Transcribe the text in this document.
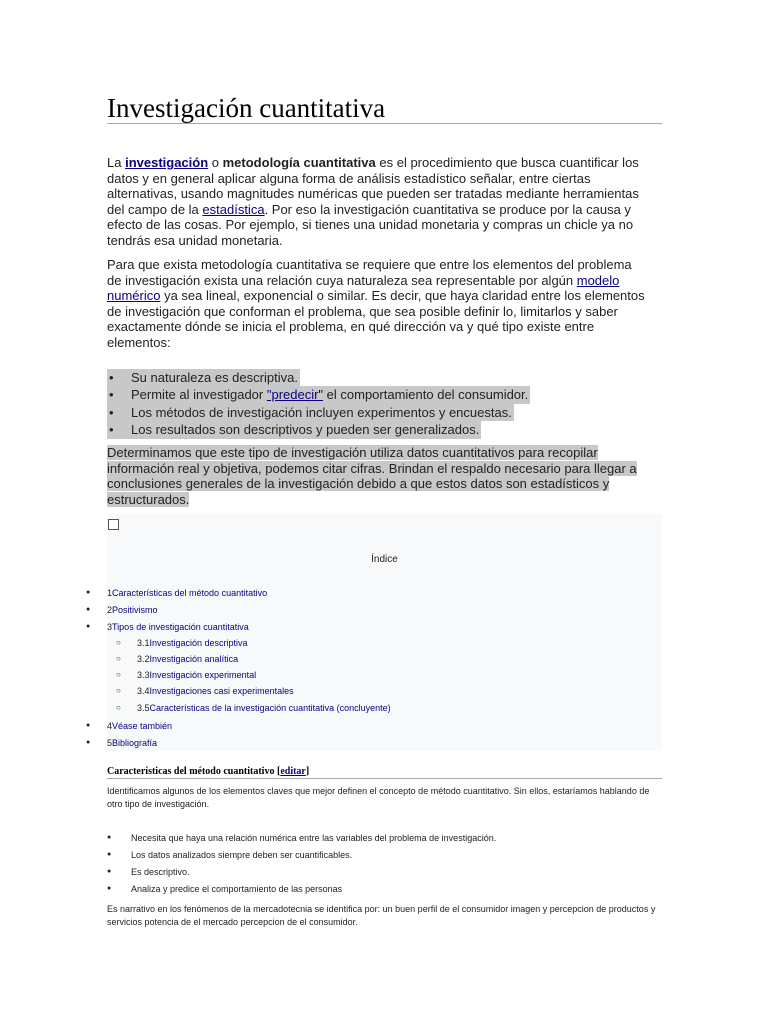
Investigación cuantitativa

La investigación o metodología cuantitativa es el procedimiento que busca cuantificar los datos y en general aplicar alguna forma de análisis estadístico señalar, entre ciertas alternativas, usando magnitudes numéricas que pueden ser tratadas mediante herramientas del campo de la estadística. Por eso la investigación cuantitativa se produce por la causa y efecto de las cosas. Por ejemplo, si tienes una unidad monetaria y compras un chicle ya no tendrás esa unidad monetaria.

Para que exista metodología cuantitativa se requiere que entre los elementos del problema de investigación exista una relación cuya naturaleza sea representable por algún modelo numérico ya sea lineal, exponencial o similar. Es decir, que haya claridad entre los elementos de investigación que conforman el problema, que sea posible definir lo, limitarlos y saber exactamente dónde se inicia el problema, en qué dirección va y qué tipo existe entre elementos:

• Su naturaleza es descriptiva.
• Permite al investigador "predecir" el comportamiento del consumidor.
• Los métodos de investigación incluyen experimentos y encuestas.
• Los resultados son descriptivos y pueden ser generalizados.

Determinamos que este tipo de investigación utiliza datos cuantitativos para recopilar
información real y objetiva, podemos citar cifras. Brindan el respaldo necesario para llegar a
conclusiones generales de la investigación debido a que estos datos son estadísticos y
estructurados.

Índice
● 1Características del método cuantitativo
● 2Positivismo
● 3Tipos de investigación cuantitativa
○ 3.1Investigación descriptiva
○ 3.2Investigación analítica
○ 3.3Investigación experimental
○ 3.4Investigaciones casi experimentales
○ 3.5Características de la investigación cuantitativa (concluyente)
● 4Véase también
● 5Bibliografía
Características del método cuantitativo [editar]

Identificamos algunos de los elementos claves que mejor definen el concepto de método cuantitativo. Sin ellos, estaríamos hablando de otro tipo de investigación.

● Necesita que haya una relación numérica entre las variables del problema de investigación.
● Los datos analizados siempre deben ser cuantificables.
● Es descriptivo.
● Analiza y predice el comportamiento de las personas

Es narrativo en los fenómenos de la mercadotecnia se identifica por: un buen perfil de el consumidor imagen y percepcion de productos y servicios potencia de el mercado percepcion de el consumidor.
